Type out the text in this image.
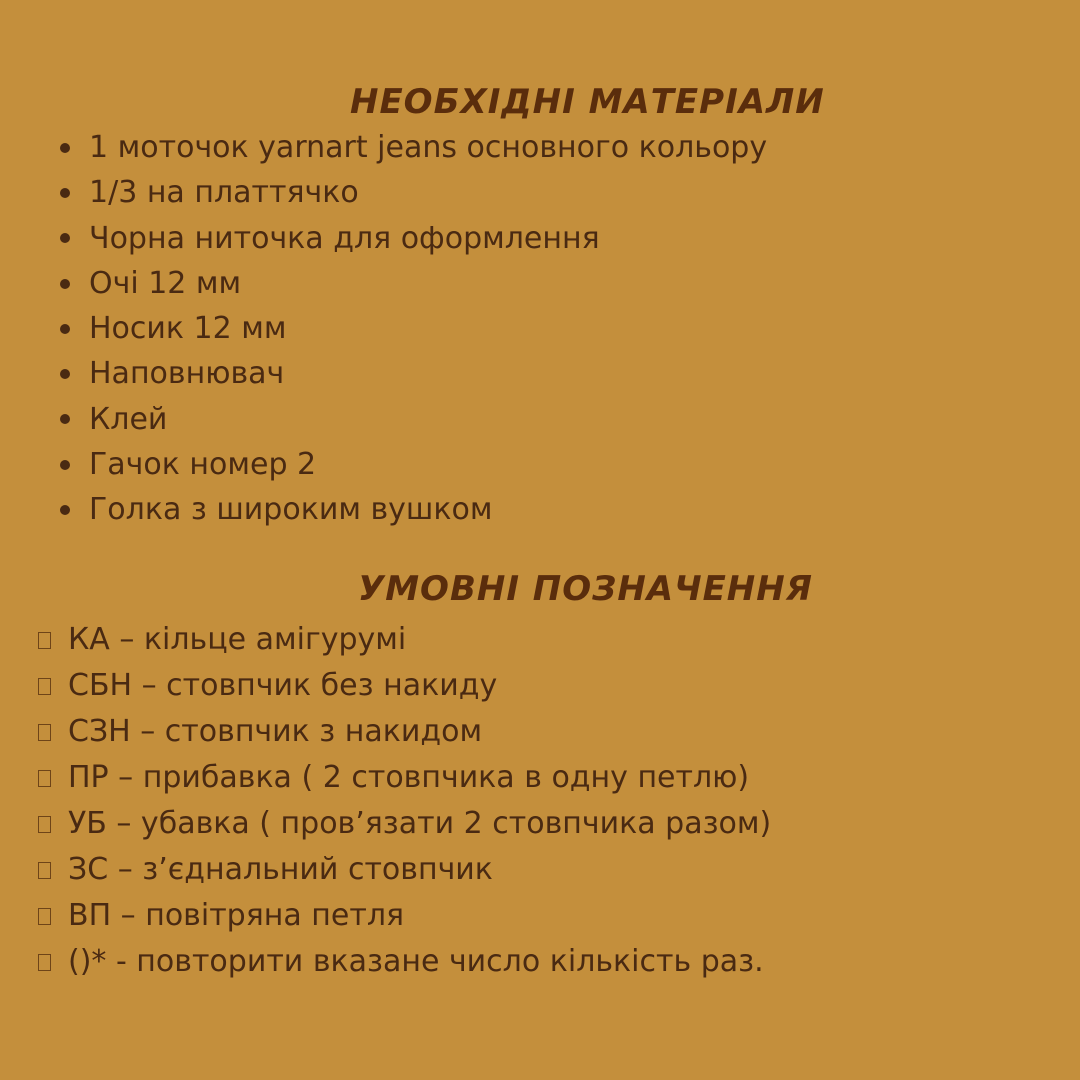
НЕОБХІДНІ МАТЕРІАЛИ
1 моточок yarnart jeans основного кольору
1/3 на платтячко
Чорна ниточка для оформлення
Очі 12 мм
Носик 12 мм
Наповнювач
Клей
Гачок номер 2
Голка з широким вушком
УМОВНІ ПОЗНАЧЕННЯ
КА – кільце амігурумі
СБН – стовпчик без накиду
СЗН – стовпчик з накидом
ПР – прибавка ( 2 стовпчика в одну петлю)
УБ – убавка ( пров’язати 2 стовпчика разом)
ЗС – з’єднальний стовпчик
ВП – повітряна петля
()* - повторити вказане число кількість раз.
